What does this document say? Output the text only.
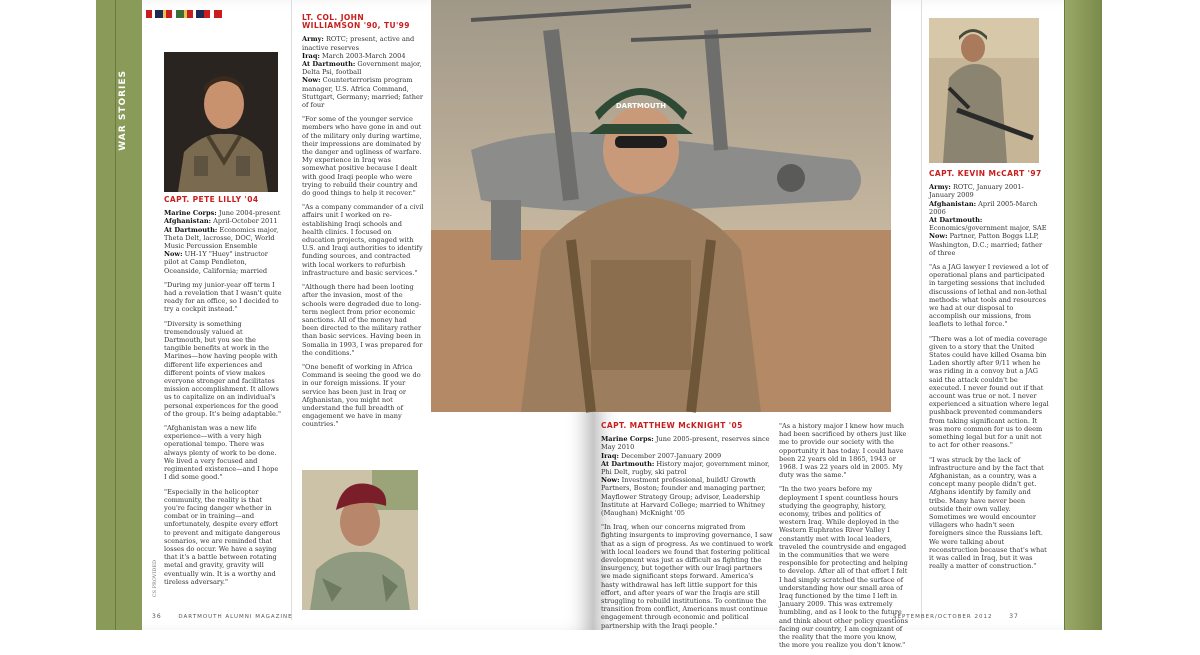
WAR STORIES
CS PROVIDED
CAPT. PETE LILLY '04

Marine Corps: June 2004-present
Afghanistan: April-October 2011
At Dartmouth: Economics major, Theta Delt, lacrosse, DOC, World Music Percussion Ensemble
Now: UH-1Y "Huey" instructor pilot at Camp Pendleton, Oceanside, California; married

"During my junior-year off term I had a revelation that I wasn't quite ready for an office, so I decided to try a cockpit instead."

"Diversity is something tremendously valued at Dartmouth, but you see the tangible benefits at work in the Marines—how having people with different life experiences and different points of view makes everyone stronger and facilitates mission accomplishment. It allows us to capitalize on an individual's personal experiences for the good of the group. It's being adaptable."

"Afghanistan was a new life experience—with a very high operational tempo. There was always plenty of work to be done. We lived a very focused and regimented existence—and I hope I did some good."

"Especially in the helicopter community, the reality is that you're facing danger whether in combat or in training—and unfortunately, despite every effort to prevent and mitigate dangerous scenarios, we are reminded that losses do occur. We have a saying that it's a battle between rotating metal and gravity, gravity will eventually win. It is a worthy and tireless adversary."

LT. COL. JOHN WILLIAMSON '90, TU'99

Army: ROTC; present, active and inactive reserves
Iraq: March 2003-March 2004
At Dartmouth: Government major, Delta Psi, football
Now: Counterterrorism program manager, U.S. Africa Command, Stuttgart, Germany; married; father of four

"For some of the younger service members who have gone in and out of the military only during wartime, their impressions are dominated by the danger and ugliness of warfare. My experience in Iraq was somewhat positive because I dealt with good Iraqi people who were trying to rebuild their country and do good things to help it recover."

"As a company commander of a civil affairs unit I worked on re-establishing Iraqi schools and health clinics. I focused on education projects, engaged with U.S. and Iraqi authorities to identify funding sources, and contracted with local workers to refurbish infrastructure and basic services."

"Although there had been looting after the invasion, most of the schools were degraded due to long-term neglect from prior economic sanctions. All of the money had been directed to the military rather than basic services. Having been in Somalia in 1993, I was prepared for the conditions."

"One benefit of working in Africa Command is seeing the good we do in our foreign missions. If your service has been just in Iraq or Afghanistan, you might not understand the full breadth of engagement we have in many countries."

36	DARTMOUTH ALUMNI MAGAZINE
CAPT. MATTHEW McKNIGHT '05

Marine Corps: June 2005-present, reserves since May 2010
Iraq: December 2007-January 2009
At Dartmouth: History major, government minor, Phi Delt, rugby, ski patrol
Now: Investment professional, buildU Growth Partners, Boston; founder and managing partner, Mayflower Strategy Group; advisor, Leadership Institute at Harvard College; married to Whitney (Maughan) McKnight '05

"In Iraq, when our concerns migrated from fighting insurgents to improving governance, I saw that as a sign of progress. As we continued to work with local leaders we found that fostering political development was just as difficult as fighting the insurgency, but together with our Iraqi partners we made significant steps forward. America's hasty withdrawal has left little support for this effort, and after years of war the Iraqis are still struggling to rebuild institutions. To continue the transition from conflict, Americans must continue engagement through economic and political partnership with the Iraqi people."

"As a history major I knew how much had been sacrificed by others just like me to provide our society with the opportunity it has today. I could have been 22 years old in 1865, 1943 or 1968. I was 22 years old in 2005. My duty was the same."

"In the two years before my deployment I spent countless hours studying the geography, history, economy, tribes and politics of western Iraq. While deployed in the Western Euphrates River Valley I constantly met with local leaders, traveled the countryside and engaged in the communities that we were responsible for protecting and helping to develop. After all of that effort I felt I had simply scratched the surface of understanding how our small area of Iraq functioned by the time I left in January 2009. This was extremely humbling, and as I look to the future and think about other policy questions facing our country, I am cognizant of the reality that the more you know, the more you realize you don't know."

CAPT. KEVIN McCART '97

Army: ROTC, January 2001-January 2009
Afghanistan: April 2005-March 2006
At Dartmouth: Economics/government major, SAE
Now: Partner, Patton Boggs LLP, Washington, D.C.; married; father of three

"As a JAG lawyer I reviewed a lot of operational plans and participated in targeting sessions that included discussions of lethal and non-lethal methods: what tools and resources we had at our disposal to accomplish our missions, from leaflets to lethal force."

"There was a lot of media coverage given to a story that the United States could have killed Osama bin Laden shortly after 9/11 when he was riding in a convoy but a JAG said the attack couldn't be executed. I never found out if that account was true or not. I never experienced a situation where legal pushback prevented commanders from taking significant action. It was more common for us to deem something legal but for a unit not to act for other reasons."

"I was struck by the lack of infrastructure and by the fact that Afghanistan, as a country, was a concept many people didn't get. Afghans identify by family and tribe. Many have never been outside their own valley. Sometimes we would encounter villagers who hadn't seen foreigners since the Russians left. We were talking about reconstruction because that's what it was called in Iraq, but it was really a matter of construction."

SEPTEMBER/OCTOBER 2012	37
DARTMOUTH
